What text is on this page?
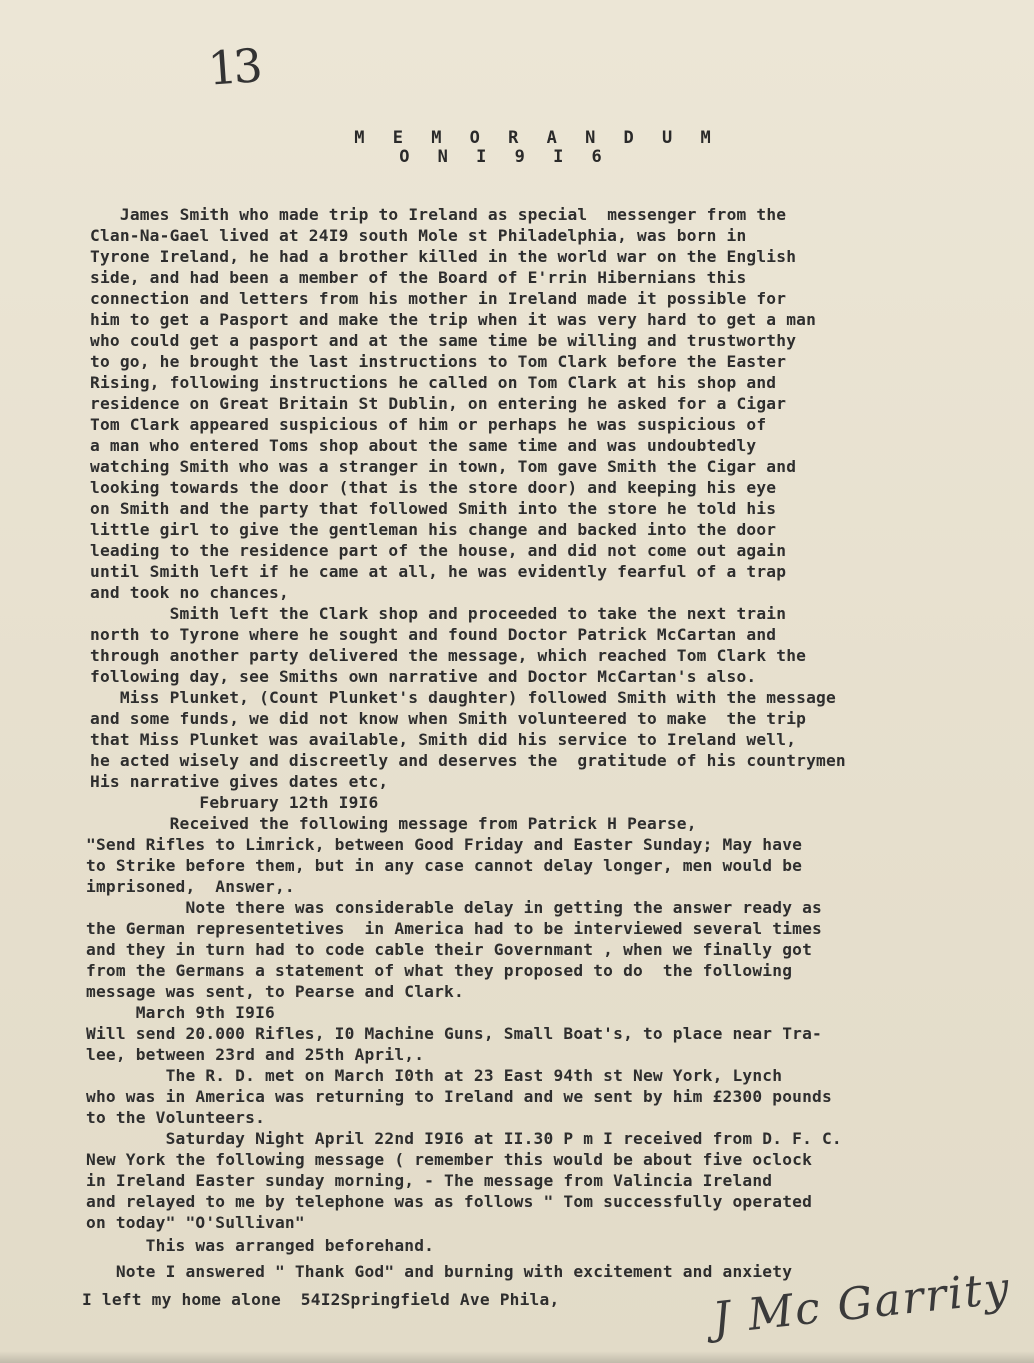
13
M E M O R A N D U M
O N I 9 I 6
James Smith who made trip to Ireland as special  messenger from the
Clan-Na-Gael lived at 24I9 south Mole st Philadelphia, was born in
Tyrone Ireland, he had a brother killed in the world war on the English
side, and had been a member of the Board of E'rrin Hibernians this
connection and letters from his mother in Ireland made it possible for
him to get a Pasport and make the trip when it was very hard to get a man
who could get a pasport and at the same time be willing and trustworthy
to go, he brought the last instructions to Tom Clark before the Easter
Rising, following instructions he called on Tom Clark at his shop and
residence on Great Britain St Dublin, on entering he asked for a Cigar
Tom Clark appeared suspicious of him or perhaps he was suspicious of
a man who entered Toms shop about the same time and was undoubtedly
watching Smith who was a stranger in town, Tom gave Smith the Cigar and
looking towards the door (that is the store door) and keeping his eye
on Smith and the party that followed Smith into the store he told his
little girl to give the gentleman his change and backed into the door
leading to the residence part of the house, and did not come out again
until Smith left if he came at all, he was evidently fearful of a trap
and took no chances,
Smith left the Clark shop and proceeded to take the next train
north to Tyrone where he sought and found Doctor Patrick McCartan and
through another party delivered the message, which reached Tom Clark the
following day, see Smiths own narrative and Doctor McCartan's also.
Miss Plunket, (Count Plunket's daughter) followed Smith with the message
and some funds, we did not know when Smith volunteered to make  the trip
that Miss Plunket was available, Smith did his service to Ireland well,
he acted wisely and discreetly and deserves the  gratitude of his countrymen
His narrative gives dates etc,
February 12th I9I6
Received the following message from Patrick H Pearse,
"Send Rifles to Limrick, between Good Friday and Easter Sunday; May have
to Strike before them, but in any case cannot delay longer, men would be
imprisoned,  Answer,.
Note there was considerable delay in getting the answer ready as
the German representetives  in America had to be interviewed several times
and they in turn had to code cable their Governmant , when we finally got
from the Germans a statement of what they proposed to do  the following
message was sent, to Pearse and Clark.
March 9th I9I6
Will send 20.000 Rifles, I0 Machine Guns, Small Boat's, to place near Tra-
lee, between 23rd and 25th April,.
The R. D. met on March I0th at 23 East 94th st New York, Lynch
who was in America was returning to Ireland and we sent by him £2300 pounds
to the Volunteers.
Saturday Night April 22nd I9I6 at II.30 P m I received from D. F. C.
New York the following message ( remember this would be about five oclock
in Ireland Easter sunday morning, - The message from Valincia Ireland
and relayed to me by telephone was as follows " Tom successfully operated
on today" "O'Sullivan"
This was arranged beforehand.
Note I answered " Thank God" and burning with excitement and anxiety
I left my home alone  54I2Springfield Ave Phila,	J Mc Garrity
